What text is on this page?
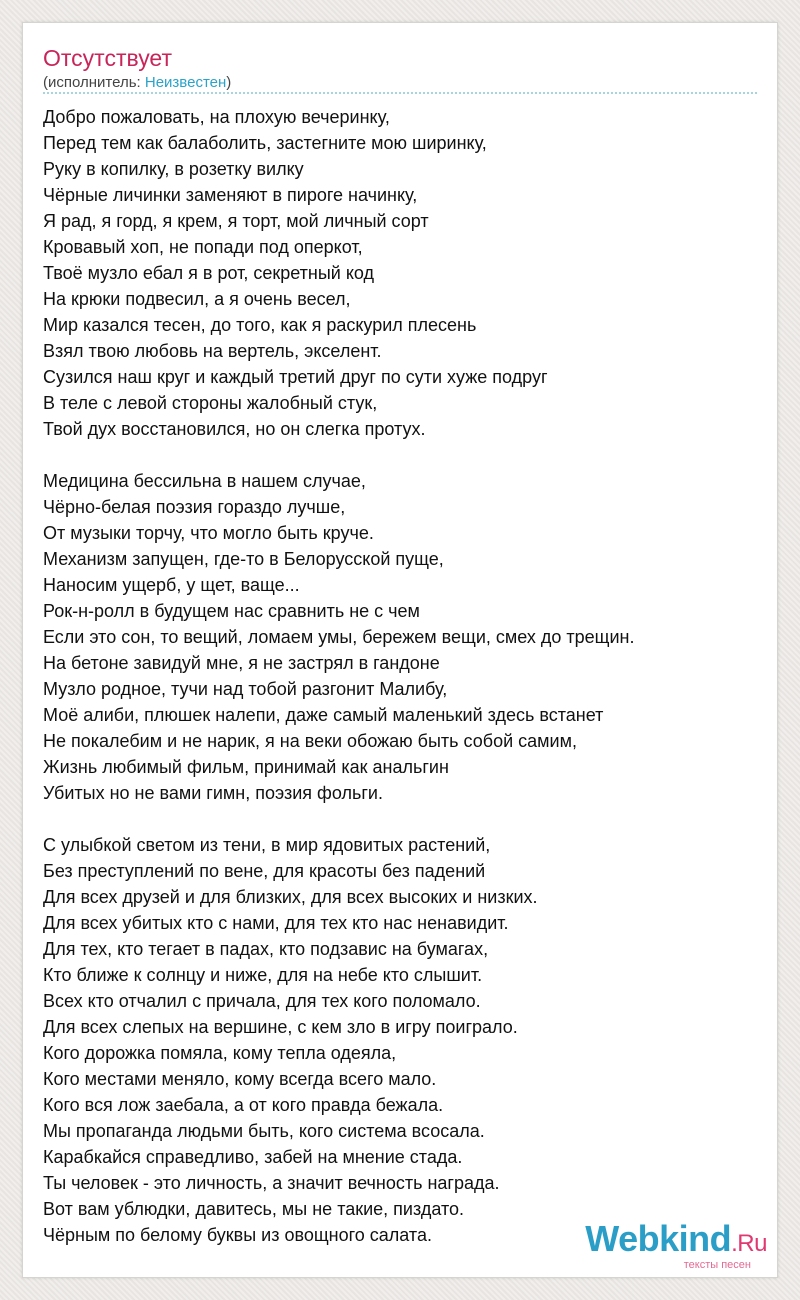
Отсутствует
(исполнитель: Неизвестен)
Добро пожаловать, на плохую вечеринку,
Перед тем как балаболить, застегните мою ширинку,
Руку в копилку, в розетку вилку
Чёрные личинки заменяют в пироге начинку,
Я рад, я горд, я крем, я торт, мой личный сорт
Кровавый хоп, не попади под оперкот,
Твоё музло ебал я в рот, секретный код
На крюки подвесил, а я очень весел,
Мир казался тесен, до того, как я раскурил плесень
Взял твою любовь на вертель, экселент.
Сузился наш круг и каждый третий друг по сути хуже подруг
В теле с левой стороны жалобный стук,
Твой дух восстановился, но он слегка протух.
Медицина бессильна в нашем случае,
Чёрно-белая поэзия гораздо лучше,
От музыки торчу, что могло быть круче.
Механизм запущен, где-то в Белорусской пуще,
Наносим ущерб, у щет, ваще...
Рок-н-ролл в будущем нас сравнить не с чем
Если это сон, то вещий, ломаем умы, бережем вещи, смех до трещин.
На бетоне завидуй мне, я не застрял в гандоне
Музло родное, тучи над тобой разгонит Малибу,
Моё алиби, плюшек налепи, даже самый маленький здесь встанет
Не покалебим и не нарик, я на веки обожаю быть собой самим,
Жизнь любимый фильм, принимай как анальгин
Убитых но не вами гимн, поэзия фольги.
С улыбкой светом из тени, в мир ядовитых растений,
Без преступлений по вене, для красоты без падений
Для всех друзей и для близких, для всех высоких и низких.
Для всех убитых кто с нами, для тех кто нас ненавидит.
Для тех, кто тегает в падах, кто подзавис на бумагах,
Кто ближе к солнцу и ниже, для на небе кто слышит.
Всех кто отчалил с причала, для тех кого поломало.
Для всех слепых на вершине, с кем зло в игру поиграло.
Кого дорожка помяла, кому тепла одеяла,
Кого местами меняло, кому всегда всего мало.
Кого вся лож заебала, а от кого правда бежала.
Мы пропаганда людьми быть, кого система всосала.
Карабкайся справедливо, забей на мнение стада.
Ты человек - это личность, а значит вечность награда.
Вот вам ублюдки, давитесь, мы не такие, пиздато.
Чёрным по белому буквы из овощного салата.	Webkind.Ru
тексты песен
